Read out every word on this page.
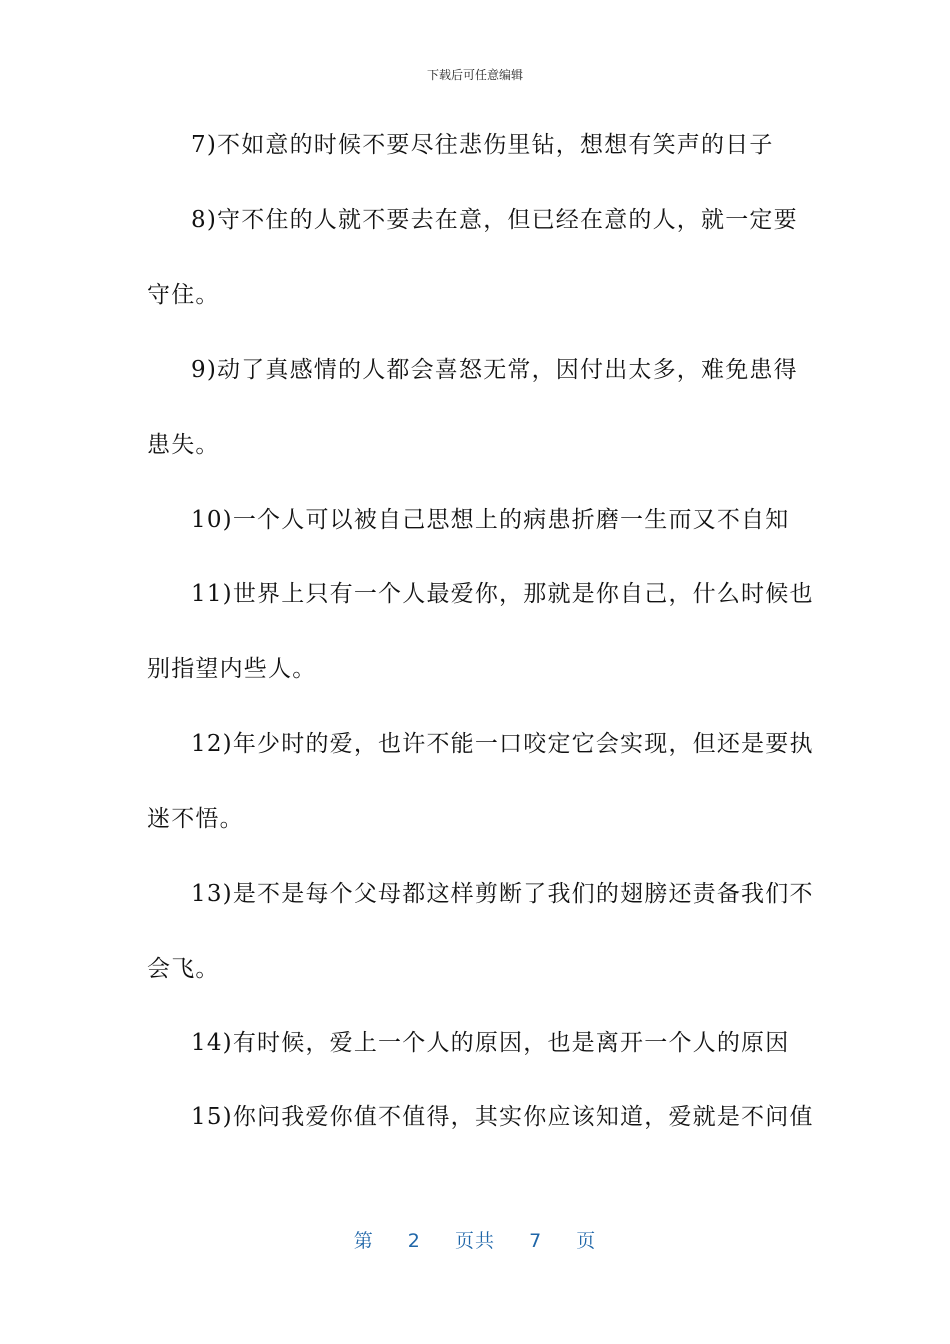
下载后可任意编辑
7)不如意的时候不要尽往悲伤里钻，想想有笑声的日子
8)守不住的人就不要去在意，但已经在意的人，就一定要
守住。
9)动了真感情的人都会喜怒无常，因付出太多，难免患得
患失。
10)一个人可以被自己思想上的病患折磨一生而又不自知
11)世界上只有一个人最爱你，那就是你自己，什么时候也
别指望内些人。
12)年少时的爱，也许不能一口咬定它会实现，但还是要执
迷不悟。
13)是不是每个父母都这样剪断了我们的翅膀还责备我们不
会飞。
14)有时候，爱上一个人的原因，也是离开一个人的原因
15)你问我爱你值不值得，其实你应该知道，爱就是不问值
第 2 页共 7 页
